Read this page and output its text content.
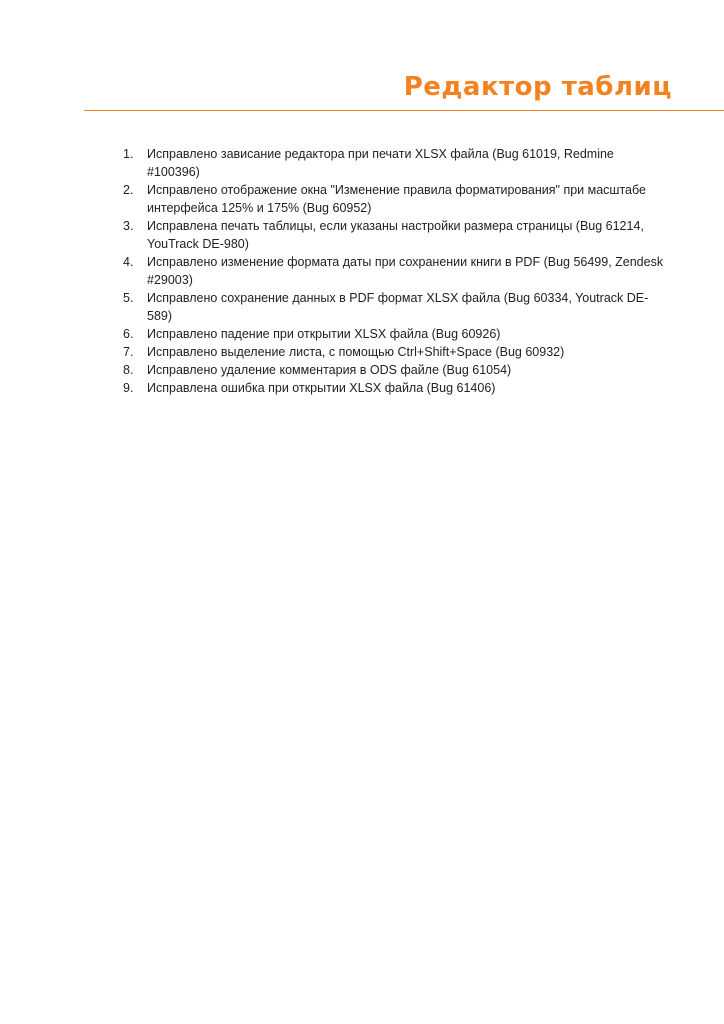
Редактор таблиц
1. Исправлено зависание редактора при печати XLSX файла (Bug 61019, Redmine #100396)
2. Исправлено отображение окна "Изменение правила форматирования" при масштабе интерфейса 125% и 175% (Bug 60952)
3. Исправлена печать таблицы, если указаны настройки размера страницы (Bug 61214, YouTrack DE-980)
4. Исправлено изменение формата даты при сохранении книги в PDF (Bug 56499, Zendesk #29003)
5. Исправлено сохранение данных в PDF формат XLSX файла (Bug 60334, Youtrack DE-589)
6. Исправлено падение при открытии XLSX файла (Bug 60926)
7. Исправлено выделение листа, с помощью Ctrl+Shift+Space (Bug 60932)
8. Исправлено удаление комментария в ODS файле (Bug 61054)
9. Исправлена ошибка при открытии XLSX файла (Bug 61406)
